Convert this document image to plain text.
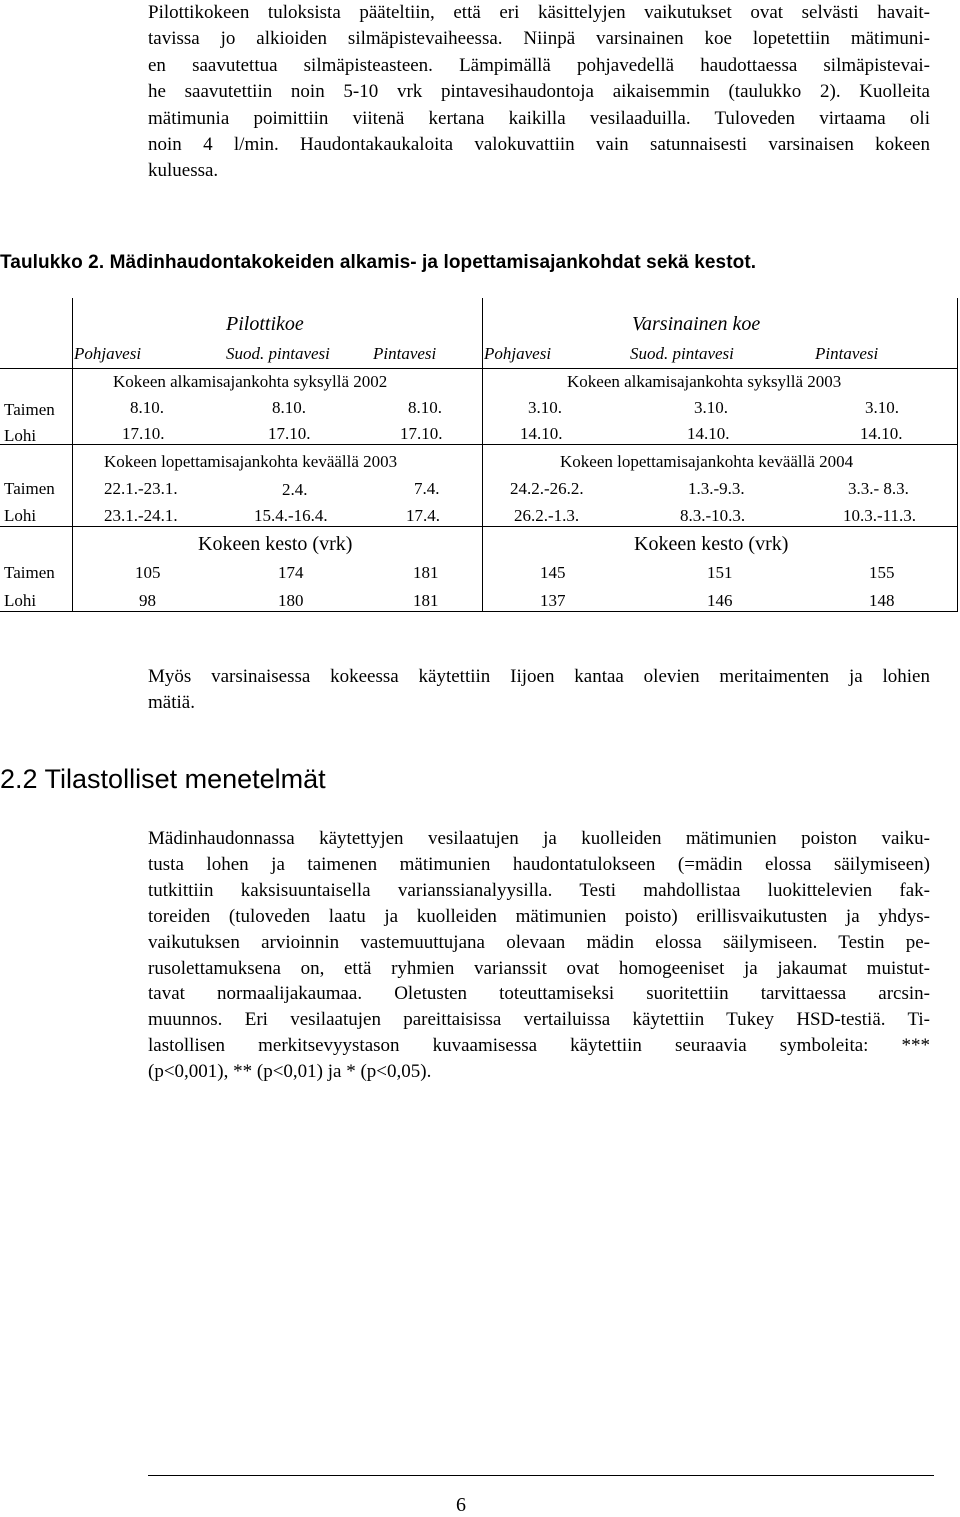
Pilottikokeen tuloksista pääteltiin, että eri käsittelyjen vaikutukset ovat selvästi havait-
tavissa jo alkioiden silmäpistevaiheessa. Niinpä varsinainen koe lopetettiin mätimuni-
en saavutettua silmäpisteasteen. Lämpimällä pohjavedellä haudottaessa silmäpistevai-
he saavutettiin noin 5-10 vrk pintavesihaudontoja aikaisemmin (taulukko 2). Kuolleita
mätimunia poimittiin viitenä kertana kaikilla vesilaaduilla. Tuloveden virtaama oli
noin 4 l/min. Haudontakaukaloita valokuvattiin vain satunnaisesti varsinaisen kokeen
kuluessa.

Taulukko 2. Mädinhaudontakokeiden alkamis- ja lopettamisajankohdat sekä kestot.

Pilottikoe	Varsinainen koe
Pohjavesi	Suod. pintavesi	Pintavesi	Pohjavesi	Suod. pintavesi	Pintavesi
Kokeen alkamisajankohta syksyllä 2002	Kokeen alkamisajankohta syksyllä 2003
Taimen	8.10.	8.10.	8.10.	3.10.	3.10.	3.10.
Lohi	17.10.	17.10.	17.10.	14.10.	14.10.	14.10.
Kokeen lopettamisajankohta keväällä 2003	Kokeen lopettamisajankohta keväällä 2004
Taimen	22.1.-23.1.	2.4.	7.4.	24.2.-26.2.	1.3.-9.3.	3.3.- 8.3.
Lohi	23.1.-24.1.	15.4.-16.4.	17.4.	26.2.-1.3.	8.3.-10.3.	10.3.-11.3.
Kokeen kesto (vrk)	Kokeen kesto (vrk)
Taimen	105	174	181	145	151	155
Lohi	98	180	181	137	146	148
Myös varsinaisessa kokeessa käytettiin Iijoen kantaa olevien meritaimenten ja lohien
mätiä.
2.2 Tilastolliset menetelmät
Mädinhaudonnassa käytettyjen vesilaatujen ja kuolleiden mätimunien poiston vaiku-
tusta lohen ja taimenen mätimunien haudontatulokseen (=mädin elossa säilymiseen)
tutkittiin kaksisuuntaisella varianssianalyysilla. Testi mahdollistaa luokittelevien fak-
toreiden (tuloveden laatu ja kuolleiden mätimunien poisto) erillisvaikutusten ja yhdys-
vaikutuksen arvioinnin vastemuuttujana olevaan mädin elossa säilymiseen. Testin pe-
rusolettamuksena on, että ryhmien varianssit ovat homogeeniset ja jakaumat muistut-
tavat normaalijakaumaa. Oletusten toteuttamiseksi suoritettiin tarvittaessa arcsin-
muunnos. Eri vesilaatujen pareittaisissa vertailuissa käytettiin Tukey HSD-testiä. Ti-
lastollisen merkitsevyystason kuvaamisessa käytettiin seuraavia symboleita: ***
(p<0,001), ** (p<0,01) ja * (p<0,05).
6
